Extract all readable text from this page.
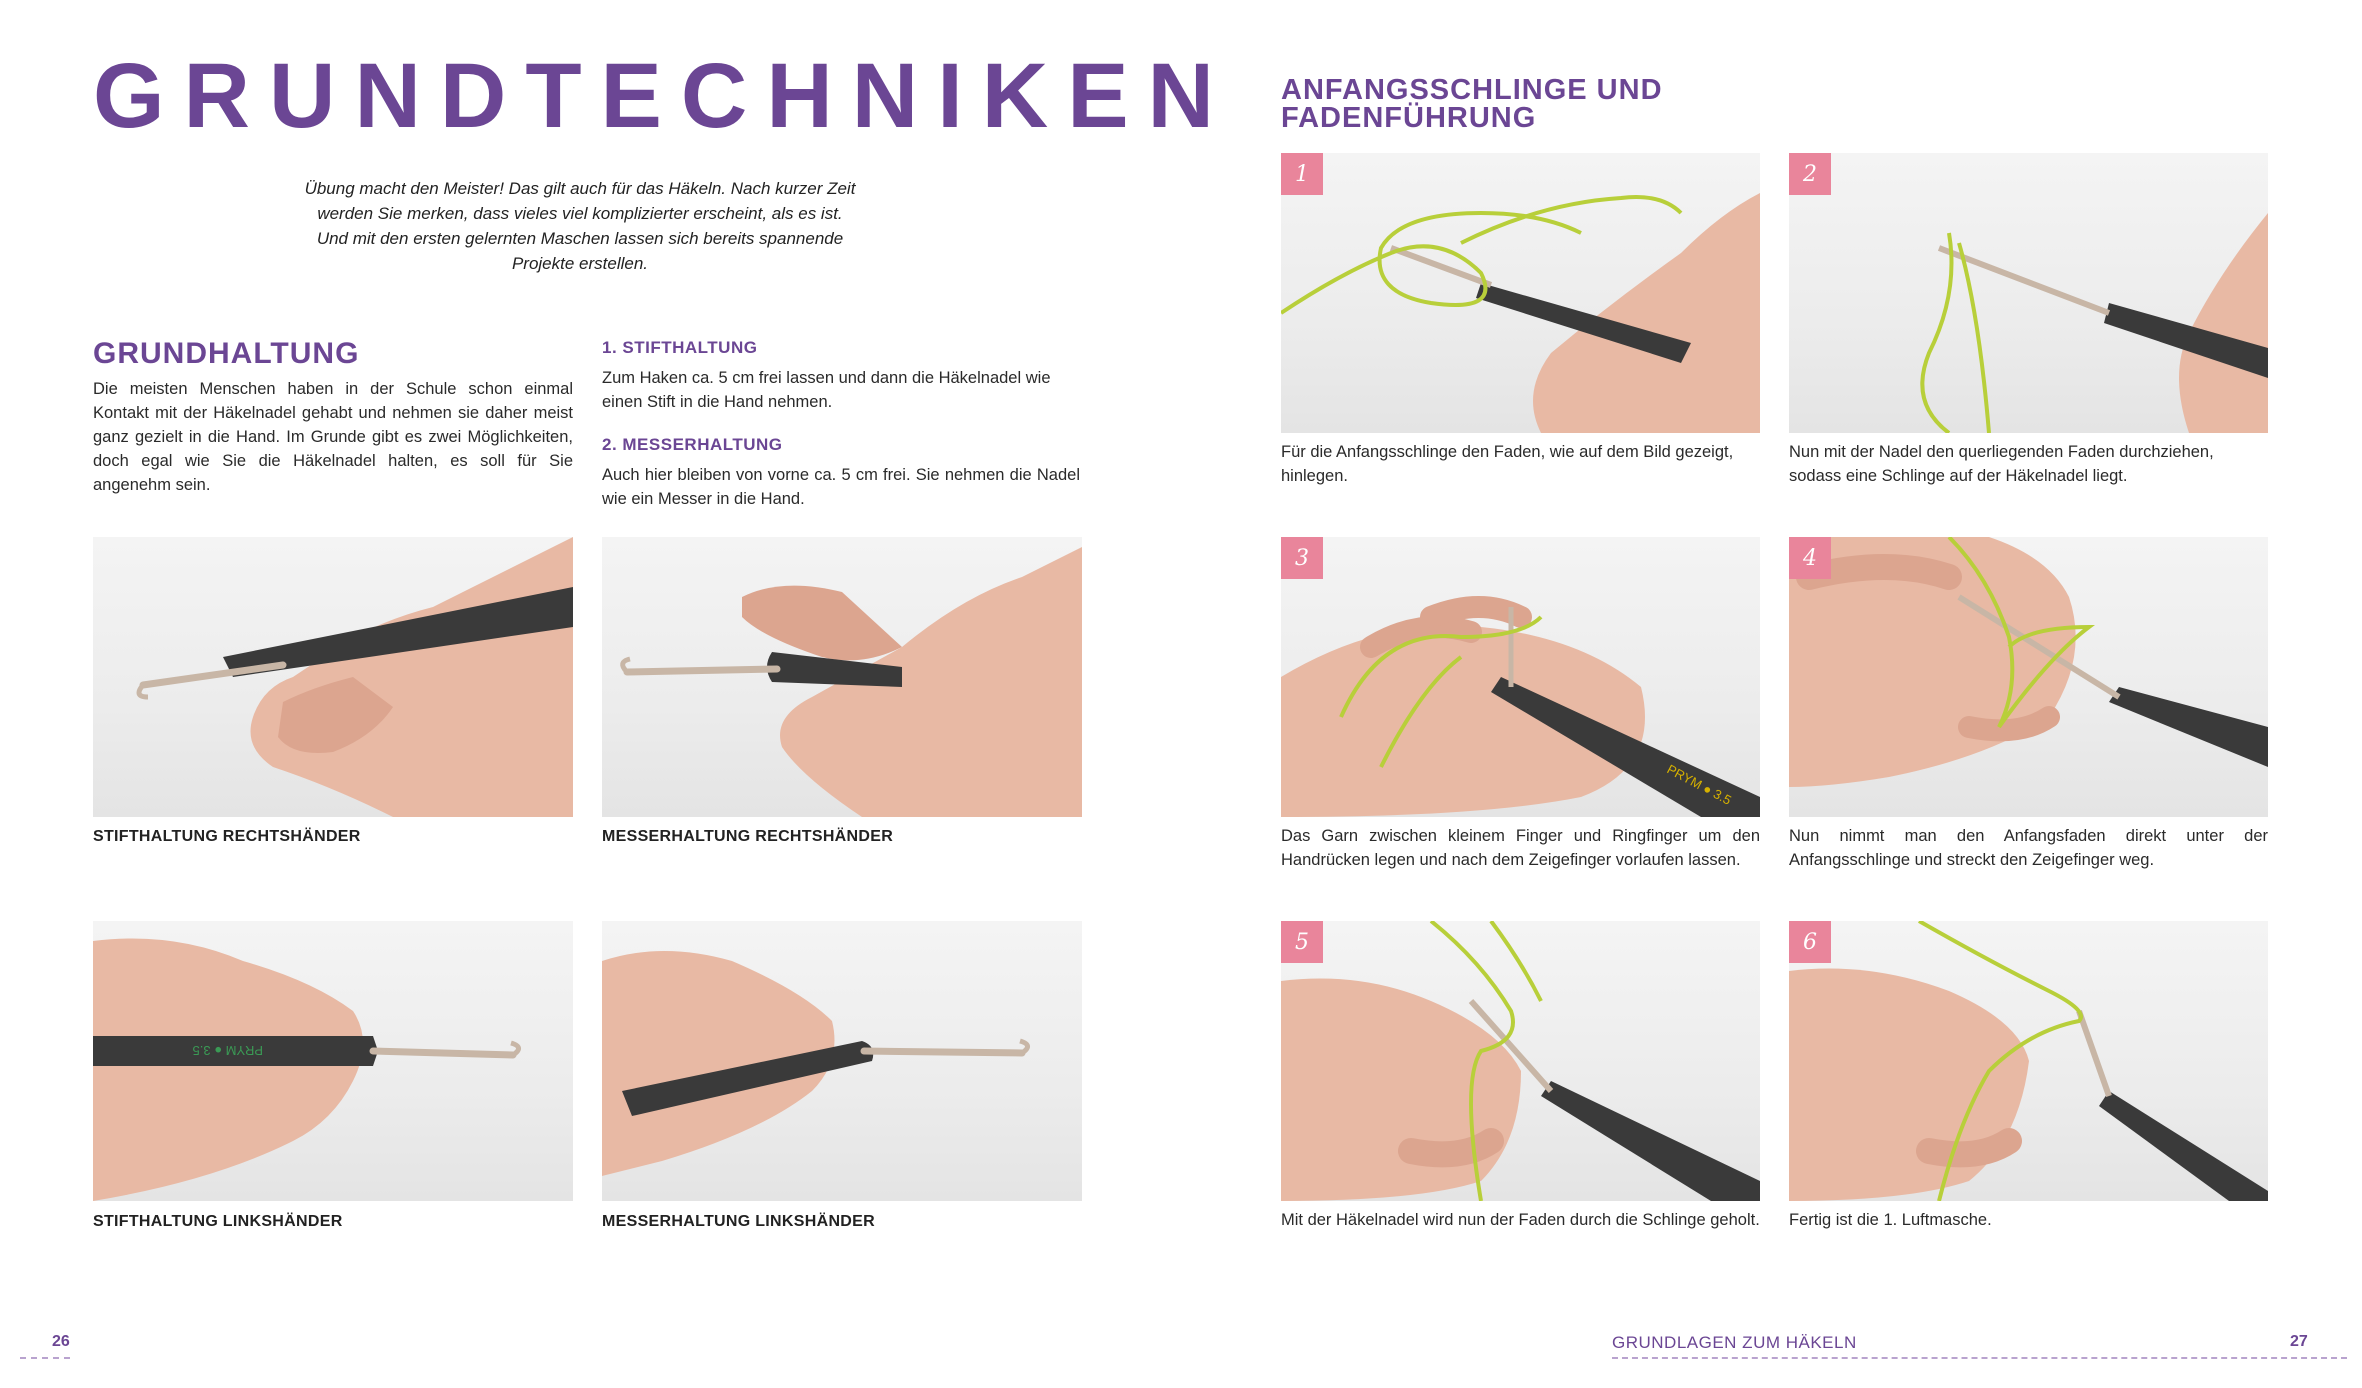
GRUNDTECHNIKEN
Übung macht den Meister! Das gilt auch für das Häkeln. Nach kurzer Zeit werden Sie merken, dass vieles viel komplizierter erscheint, als es ist. Und mit den ersten gelernten Maschen lassen sich bereits spannende Projekte erstellen.
GRUNDHALTUNG
Die meisten Menschen haben in der Schule schon einmal Kontakt mit der Häkelnadel gehabt und nehmen sie daher meist ganz gezielt in die Hand. Im Grunde gibt es zwei Möglichkeiten, doch egal wie Sie die Häkelnadel halten, es soll für Sie angenehm sein.
1. STIFTHALTUNG
Zum Haken ca. 5 cm frei lassen und dann die Häkelnadel wie einen Stift in die Hand nehmen.
2. MESSERHALTUNG
Auch hier bleiben von vorne ca. 5 cm frei. Sie nehmen die Nadel wie ein Messer in die Hand.
STIFTHALTUNG RECHTSHÄNDER	MESSERHALTUNG RECHTSHÄNDER
PRYM ● 3.5
STIFTHALTUNG LINKSHÄNDER	MESSERHALTUNG LINKSHÄNDER
ANFANGSSCHLINGE UND
FADENFÜHRUNG
1
Für die Anfangsschlinge den Faden, wie auf dem Bild gezeigt, hinlegen.
2
Nun mit der Nadel den querliegenden Faden durchziehen, sodass eine Schlinge auf der Häkelnadel liegt.
PRYM ● 3.5
3
Das Garn zwischen kleinem Finger und Ringfinger um den Handrücken legen und nach dem Zeigefinger vorlaufen lassen.
4
Nun nimmt man den Anfangsfaden direkt unter der Anfangsschlinge und streckt den Zeigefinger weg.
5
Mit der Häkelnadel wird nun der Faden durch die Schlinge geholt.
6
Fertig ist die 1. Luftmasche.
26	GRUNDLAGEN ZUM HÄKELN	27
